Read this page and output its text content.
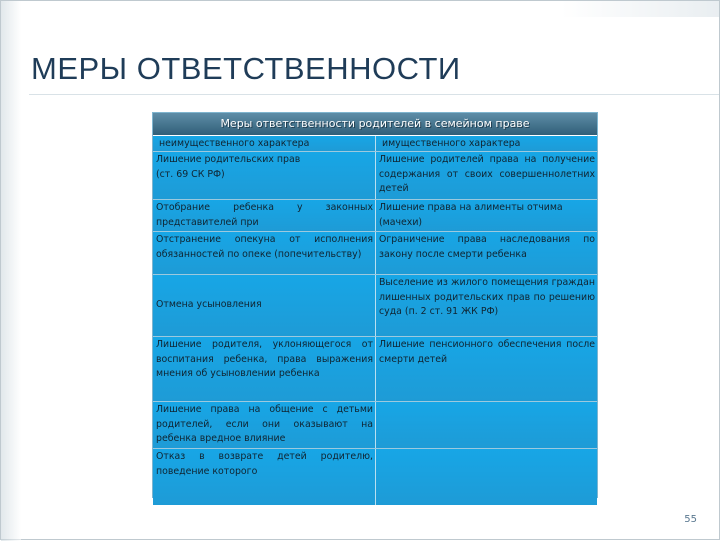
МЕРЫ ОТВЕТСТВЕННОСТИ
Меры ответственности родителей в семейном праве
неимущественного характера	имущественного характера
Лишение родительских прав (ст. 69 СК РФ)
Лишение родителей права на получение содержания от своих совершеннолетних детей
Отобрание ребенка у законных представителей при
Лишение права на алименты отчима (мачехи)
Отстранение опекуна от исполнения обязанностей по опеке (попечительству)
Ограничение права наследования по закону после смерти ребенка
Отмена усыновления
Выселение из жилого помещения граждан лишенных родительских прав по решению суда (п. 2 ст. 91 ЖК РФ)
Лишение родителя, уклоняющегося от воспитания ребенка, права выражения мнения об усыновлении ребенка
Лишение пенсионного обеспечения после смерти детей
Лишение права на общение с детьми родителей, если они оказывают на ребенка вредное влияние
Отказ в возврате детей родителю, поведение которого
55
